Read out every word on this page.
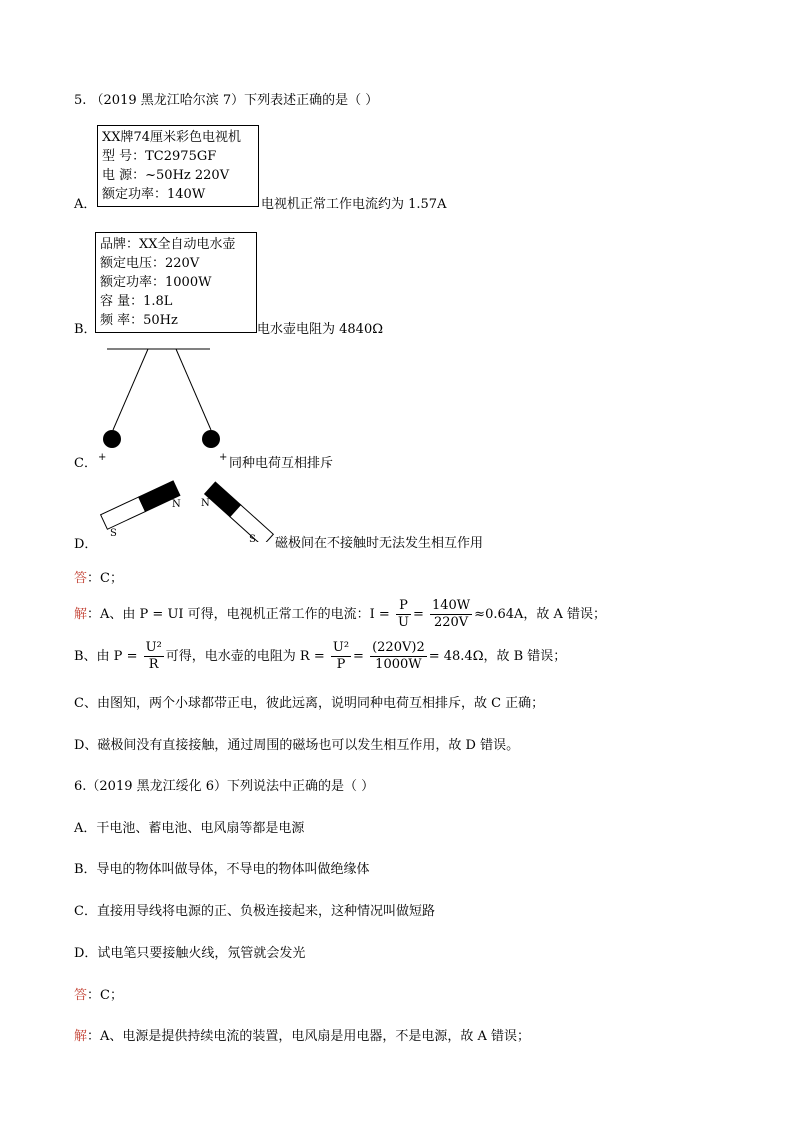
5. （2019 黑龙江哈尔滨 7）下列表述正确的是（ ）
XX牌74厘米彩色电视机
型 号：TC2975GF
电 源：~50Hz 220V
额定功率：140W
A．	电视机正常工作电流约为 1.57A
品牌：XX全自动电水壶
额定电压：220V
额定功率：1000W
容 量：1.8L
频 率：50Hz
B．	电水壶电阻为 4840Ω
C． +	+ 同种电荷互相排斥
S
N N
S
D．	磁极间在不接触时无法发生相互作用
答：C；
解：A、由 P = UI 可得，电视机正常工作的电流：$I = \frac{P}{U} = \frac{140W}{220V} \approx 0.64A$，故 A 错误；
B、由 $P = \frac{\text{U²}}{R}$ 可得，电水壶的电阻为 $R = \frac{\text{U²}}{P} = \frac{(220V)2}{1000W} = 48.4\Omega$，故 B 错误；
C、由图知，两个小球都带正电，彼此远离，说明同种电荷互相排斥，故 C 正确；
D、磁极间没有直接接触，通过周围的磁场也可以发生相互作用，故 D 错误。
6.（2019 黑龙江绥化 6）下列说法中正确的是（ ）
A．干电池、蓄电池、电风扇等都是电源
B．导电的物体叫做导体，不导电的物体叫做绝缘体
C．直接用导线将电源的正、负极连接起来，这种情况叫做短路
D．试电笔只要接触火线，氖管就会发光
答：C；
解：A、电源是提供持续电流的装置，电风扇是用电器，不是电源，故 A 错误；
